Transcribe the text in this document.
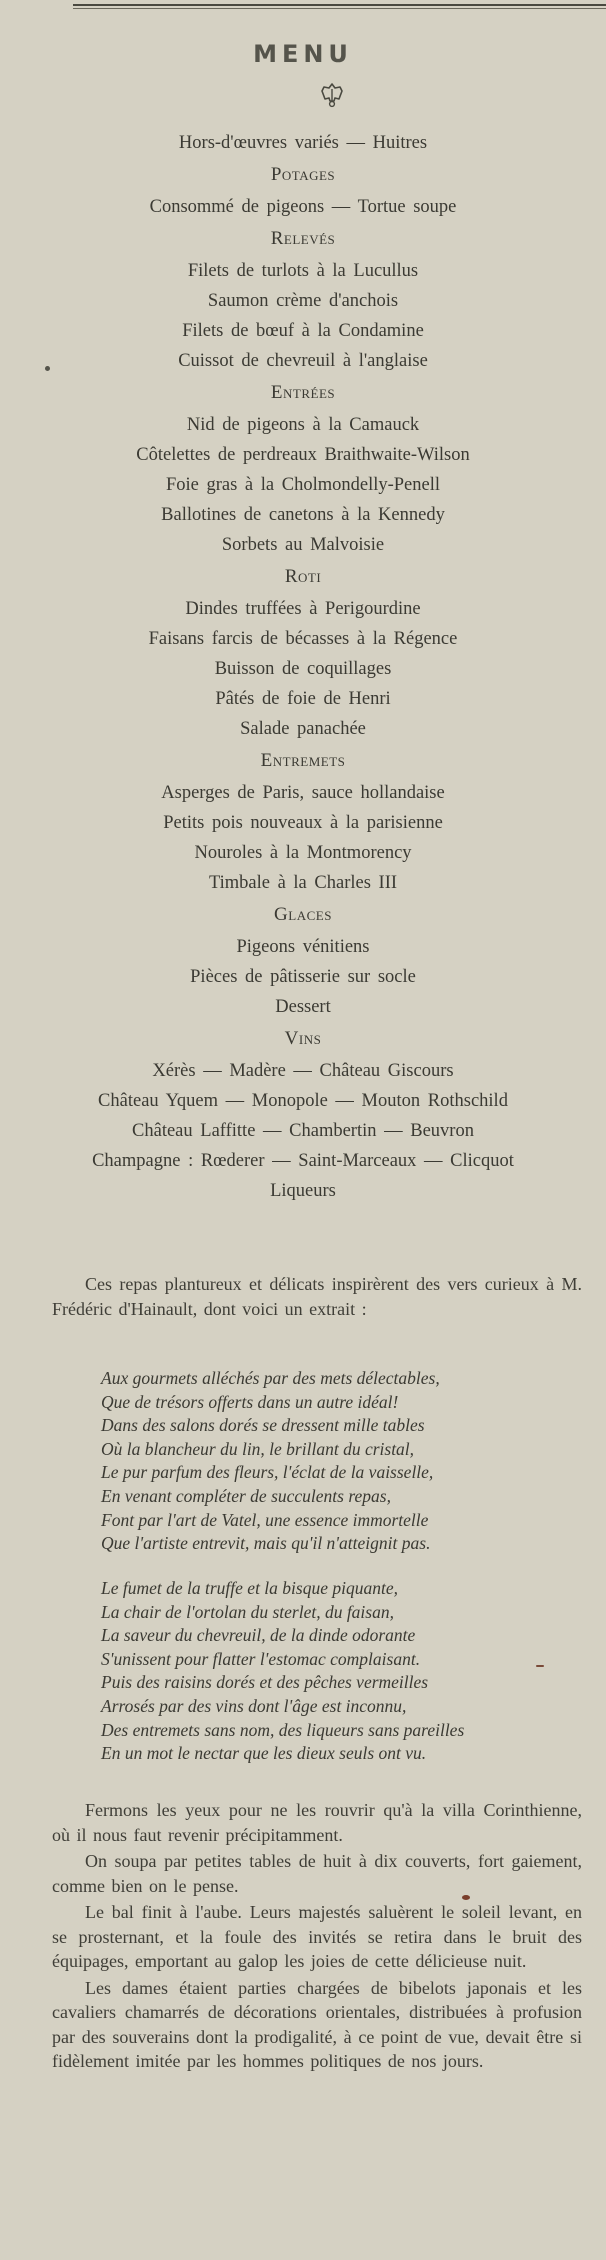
MENU
Hors-d'œuvres variés — Huitres
Potages
Consommé de pigeons — Tortue soupe
Relevés
Filets de turlots à la Lucullus
Saumon crème d'anchois
Filets de bœuf à la Condamine
Cuissot de chevreuil à l'anglaise
Entrées
Nid de pigeons à la Camauck
Côtelettes de perdreaux Braithwaite-Wilson
Foie gras à la Cholmondelly-Penell
Ballotines de canetons à la Kennedy
Sorbets au Malvoisie
Roti
Dindes truffées à Perigourdine
Faisans farcis de bécasses à la Régence
Buisson de coquillages
Pâtés de foie de Henri
Salade panachée
Entremets
Asperges de Paris, sauce hollandaise
Petits pois nouveaux à la parisienne
Nouroles à la Montmorency
Timbale à la Charles III
Glaces
Pigeons vénitiens
Pièces de pâtisserie sur socle
Dessert
Vins
Xérès — Madère — Château Giscours
Château Yquem — Monopole — Mouton Rothschild
Château Laffitte — Chambertin — Beuvron
Champagne : Rœderer — Saint-Marceaux — Clicquot
Liqueurs

Ces repas plantureux et délicats inspirèrent des vers curieux à M. Frédéric d'Hainault, dont voici un extrait :

Aux gourmets alléchés par des mets délectables,
Que de trésors offerts dans un autre idéal!
Dans des salons dorés se dressent mille tables
Où la blancheur du lin, le brillant du cristal,
Le pur parfum des fleurs, l'éclat de la vaisselle,
En venant compléter de succulents repas,
Font par l'art de Vatel, une essence immortelle
Que l'artiste entrevit, mais qu'il n'atteignit pas.
Le fumet de la truffe et la bisque piquante,
La chair de l'ortolan du sterlet, du faisan,
La saveur du chevreuil, de la dinde odorante
S'unissent pour flatter l'estomac complaisant.
Puis des raisins dorés et des pêches vermeilles
Arrosés par des vins dont l'âge est inconnu,
Des entremets sans nom, des liqueurs sans pareilles
En un mot le nectar que les dieux seuls ont vu.

Fermons les yeux pour ne les rouvrir qu'à la villa Corinthienne, où il nous faut revenir précipitamment.

On soupa par petites tables de huit à dix couverts, fort gaiement, comme bien on le pense.

Le bal finit à l'aube. Leurs majestés saluèrent le soleil levant, en se prosternant, et la foule des invités se retira dans le bruit des équipages, emportant au galop les joies de cette délicieuse nuit.

Les dames étaient parties chargées de bibelots japonais et les cavaliers chamarrés de décorations orientales, distribuées à profusion par des souverains dont la prodigalité, à ce point de vue, devait être si fidèlement imitée par les hommes politiques de nos jours.
